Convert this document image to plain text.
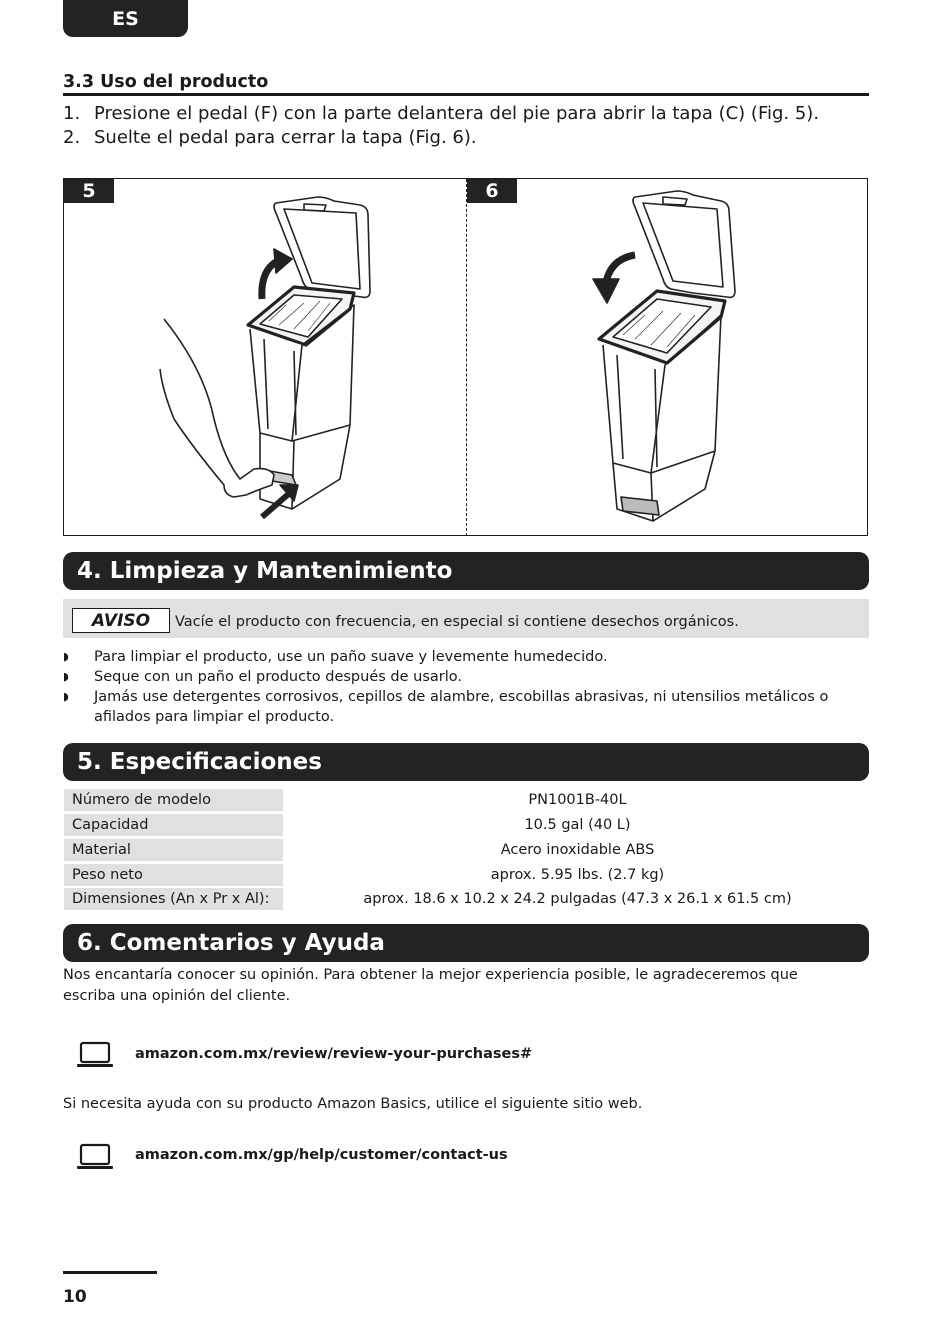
ES
3.3 Uso del producto
1. Presione el pedal (F) con la parte delantera del pie para abrir la tapa (C) (Fig. 5).
2. Suelte el pedal para cerrar la tapa (Fig. 6).
5	6
4. Limpieza y Mantenimiento
AVISO	Vacíe el producto con frecuencia, en especial si contiene desechos orgánicos.
◗ Para limpiar el producto, use un paño suave y levemente humedecido.
◗ Seque con un paño el producto después de usarlo.
◗ Jamás use detergentes corrosivos, cepillos de alambre, escobillas abrasivas, ni utensilios metálicos o afilados para limpiar el producto.
5. Especificaciones
Número de modelo	PN1001B-40L
Capacidad	10.5 gal (40 L)
Material	Acero inoxidable ABS
Peso neto	aprox. 5.95 lbs. (2.7 kg)
Dimensiones (An x Pr x Al):	aprox. 18.6 x 10.2 x 24.2 pulgadas (47.3 x 26.1 x 61.5 cm)
6. Comentarios y Ayuda
Nos encantaría conocer su opinión. Para obtener la mejor experiencia posible, le agradeceremos que escriba una opinión del cliente.
amazon.com.mx/review/review-your-purchases#
Si necesita ayuda con su producto Amazon Basics, utilice el siguiente sitio web.
amazon.com.mx/gp/help/customer/contact-us
10
